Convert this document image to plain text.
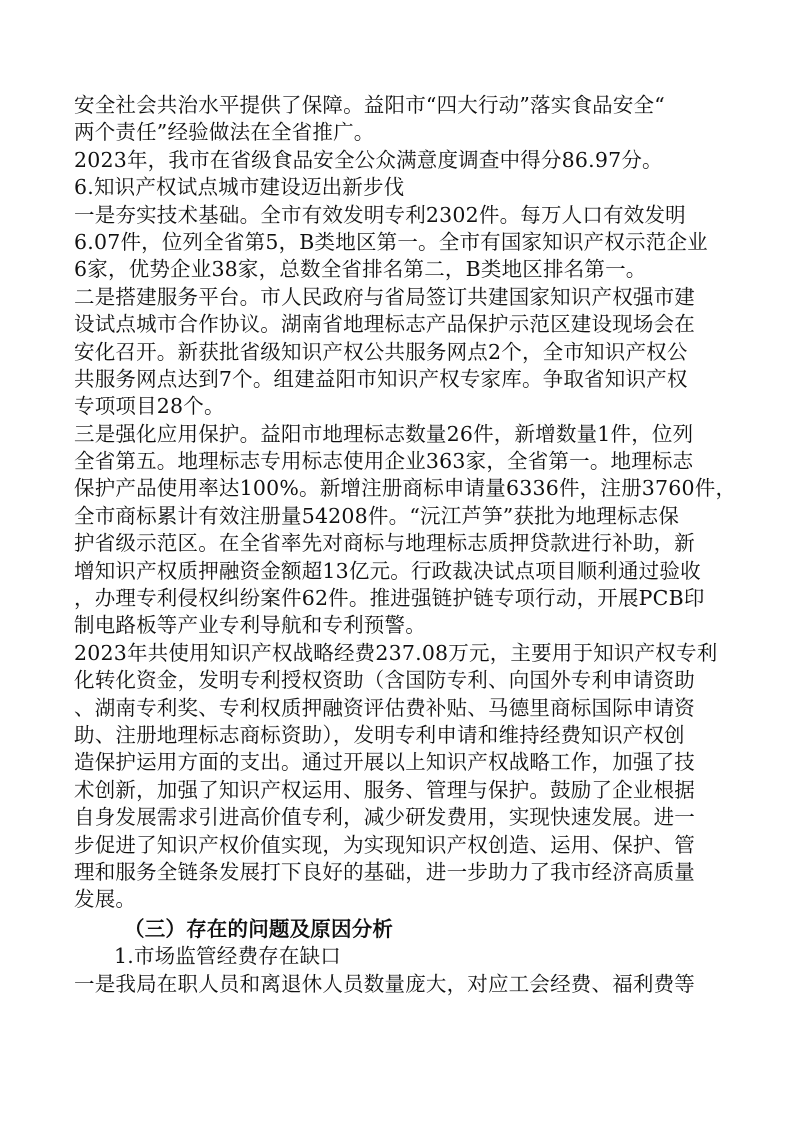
安全社会共治水平提供了保障。益阳市“四大行动”落实食品安全“
两个责任”经验做法在全省推广。
2023年，我市在省级食品安全公众满意度调查中得分86.97分。
6.知识产权试点城市建设迈出新步伐
一是夯实技术基础。全市有效发明专利2302件。每万人口有效发明
6.07件，位列全省第5，B类地区第一。全市有国家知识产权示范企业
6家，优势企业38家，总数全省排名第二，B类地区排名第一。
二是搭建服务平台。市人民政府与省局签订共建国家知识产权强市建
设试点城市合作协议。湖南省地理标志产品保护示范区建设现场会在
安化召开。新获批省级知识产权公共服务网点2个，全市知识产权公
共服务网点达到7个。组建益阳市知识产权专家库。争取省知识产权
专项项目28个。
三是强化应用保护。益阳市地理标志数量26件，新增数量1件，位列
全省第五。地理标志专用标志使用企业363家，全省第一。地理标志
保护产品使用率达100%。新增注册商标申请量6336件，注册3760件，
全市商标累计有效注册量54208件。“沅江芦笋”获批为地理标志保
护省级示范区。在全省率先对商标与地理标志质押贷款进行补助，新
增知识产权质押融资金额超13亿元。行政裁决试点项目顺利通过验收
，办理专利侵权纠纷案件62件。推进强链护链专项行动，开展PCB印
制电路板等产业专利导航和专利预警。
2023年共使用知识产权战略经费237.08万元，主要用于知识产权专利
化转化资金，发明专利授权资助（含国防专利、向国外专利申请资助
、湖南专利奖、专利权质押融资评估费补贴、马德里商标国际申请资
助、注册地理标志商标资助），发明专利申请和维持经费知识产权创
造保护运用方面的支出。通过开展以上知识产权战略工作，加强了技
术创新，加强了知识产权运用、服务、管理与保护。鼓励了企业根据
自身发展需求引进高价值专利，减少研发费用，实现快速发展。进一
步促进了知识产权价值实现，为实现知识产权创造、运用、保护、管
理和服务全链条发展打下良好的基础，进一步助力了我市经济高质量
发展。
（三）存在的问题及原因分析
1.市场监管经费存在缺口
一是我局在职人员和离退休人员数量庞大，对应工会经费、福利费等
